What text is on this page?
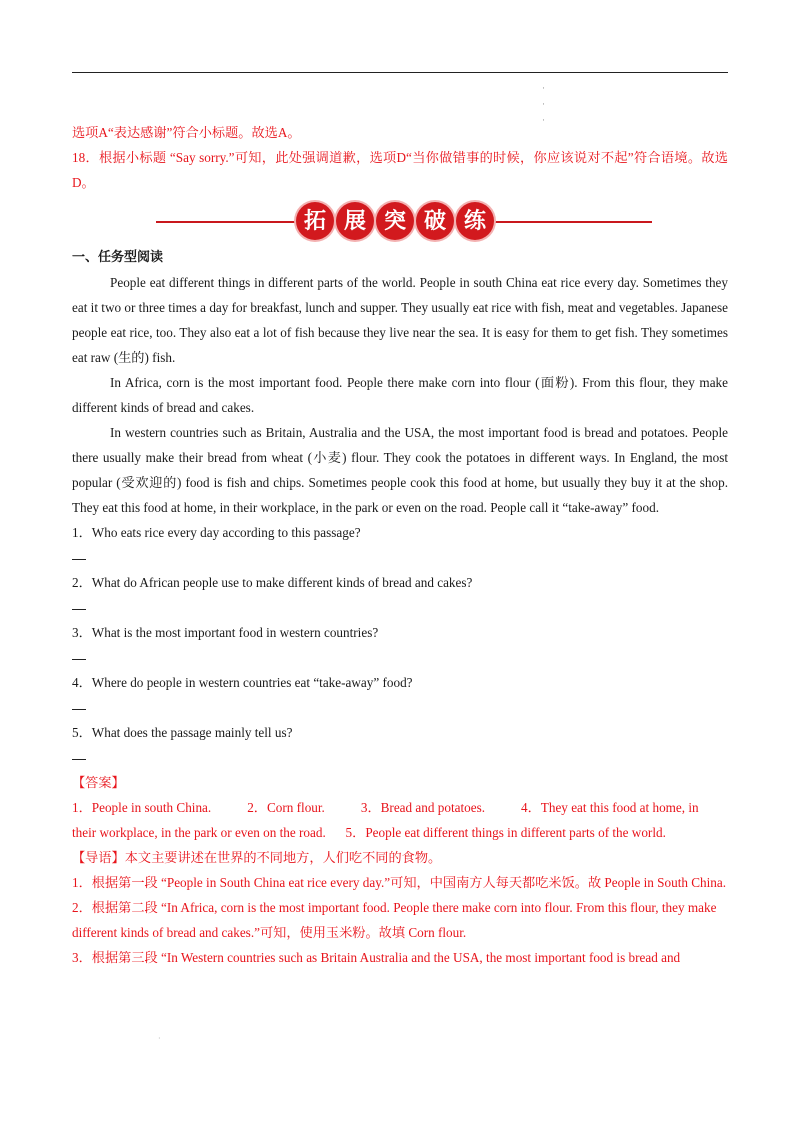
·
·
·

选项A“表达感谢”符合小标题。故选A。

18．根据小标题 “Say sorry.”可知，此处强调道歉，选项D“当你做错事的时候，你应该说对不起”符合语境。故选D。

拓 展 突 破 练

一、任务型阅读

People eat different things in different parts of the world. People in south China eat rice every day. Sometimes they eat it two or three times a day for breakfast, lunch and supper. They usually eat rice with fish, meat and vegetables. Japanese people eat rice, too. They also eat a lot of fish because they live near the sea. It is easy for them to get fish. They sometimes eat raw (生的) fish.

In Africa, corn is the most important food. People there make corn into flour (面粉). From this flour, they make different kinds of bread and cakes.

In western countries such as Britain, Australia and the USA, the most important food is bread and potatoes. People there usually make their bread from wheat (小麦) flour. They cook the potatoes in different ways. In England, the most popular (受欢迎的) food is fish and chips. Sometimes people cook this food at home, but usually they buy it at the shop. They eat this food at home, in their workplace, in the park or even on the road. People call it “take-away” food.

1．Who eats rice every day according to this passage?

2．What do African people use to make different kinds of bread and cakes?

3．What is the most important food in western countries?

4．Where do people in western countries eat “take-away” food?

5．What does the passage mainly tell us?

【答案】

1．People in south China.	2．Corn flour.	3．Bread and potatoes.	4．They eat this food at home, in

their workplace, in the park or even on the road.      5．People eat different things in different parts of the world.

【导语】本文主要讲述在世界的不同地方，人们吃不同的食物。

1．根据第一段 “People in South China eat rice every day.”可知，中国南方人每天都吃米饭。故 People in South China.

2．根据第二段 “In Africa, corn is the most important food. People there make corn into flour. From this flour, they make different kinds of bread and cakes.”可知，使用玉米粉。故填 Corn flour.

3．根据第三段 “In Western countries such as Britain Australia and the USA, the most important food is bread and

·
